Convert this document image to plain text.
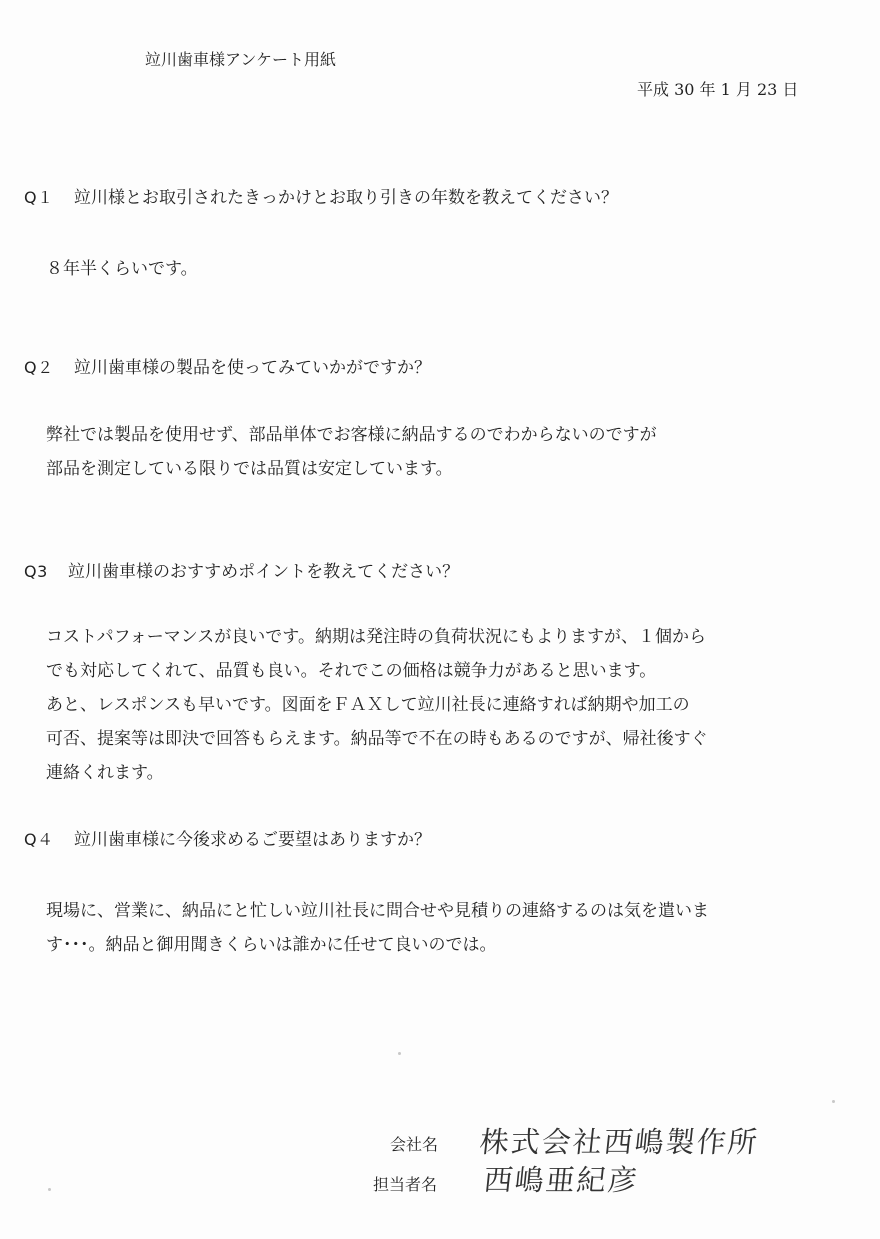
竝川歯車様アンケート用紙
平成 30 年 1 月 23 日
Q１ 竝川様とお取引されたきっかけとお取り引きの年数を教えてください？
８年半くらいです。
Q２ 竝川歯車様の製品を使ってみていかがですか？
弊社では製品を使用せず、部品単体でお客様に納品するのでわからないのですが
部品を測定している限りでは品質は安定しています。
Q3 竝川歯車様のおすすめポイントを教えてください？
コストパフォーマンスが良いです。納期は発注時の負荷状況にもよりますが、１個から
でも対応してくれて、品質も良い。それでこの価格は競争力があると思います。
あと、レスポンスも早いです。図面をＦＡＸして竝川社長に連絡すれば納期や加工の
可否、提案等は即決で回答もらえます。納品等で不在の時もあるのですが、帰社後すぐ
連絡くれます。
Q４ 竝川歯車様に今後求めるご要望はありますか？
現場に、営業に、納品にと忙しい竝川社長に問合せや見積りの連絡するのは気を遣いま
す･･･。納品と御用聞きくらいは誰かに任せて良いのでは。
会社名 株式会社西嶋製作所
担当者名 西嶋亜紀彦
